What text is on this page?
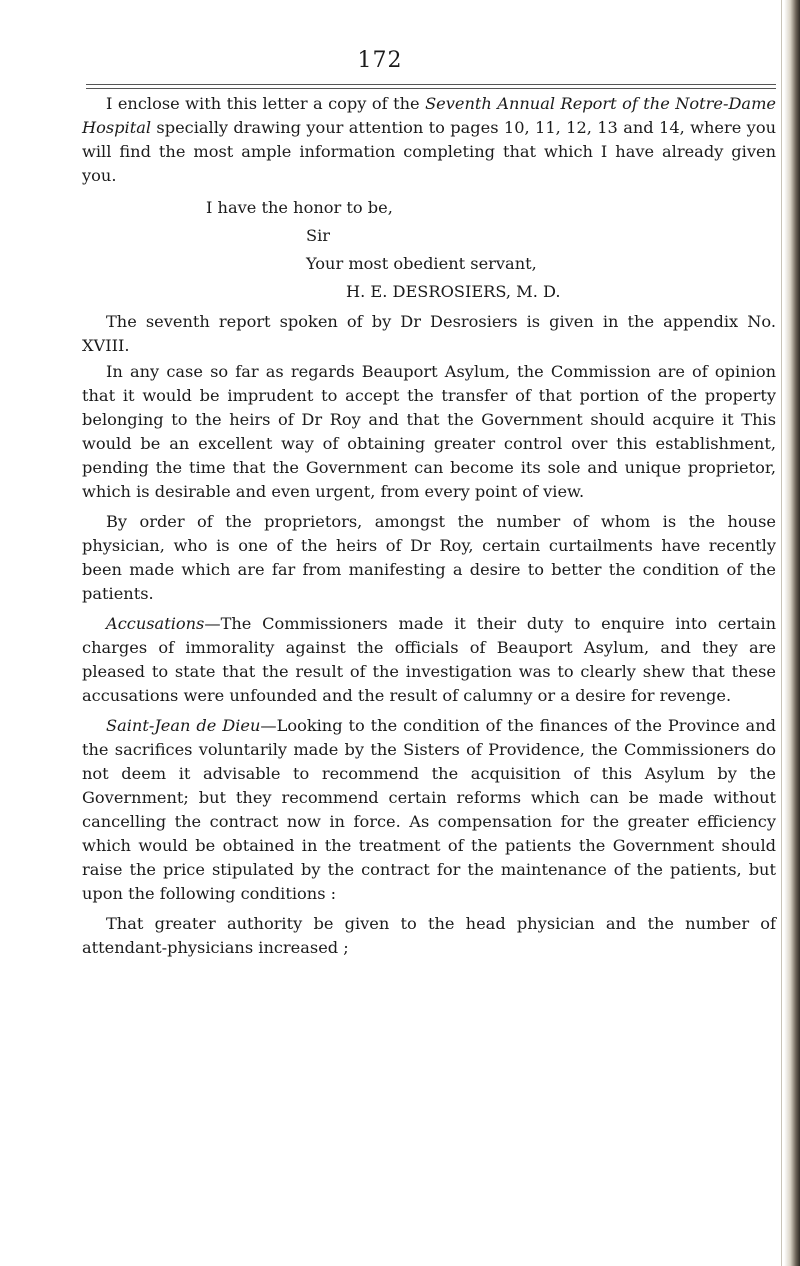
172

I enclose with this letter a copy of the Seventh Annual Report of the Notre-Dame Hospital specially drawing your attention to pages 10, 11, 12, 13 and 14, where you will find the most ample information completing that which I have already given you.

I have the honor to be,

Sir

Your most obedient servant,

H. E. DESROSIERS, M. D.

The seventh report spoken of by Dr Desrosiers is given in the appendix No. XVIII.

In any case so far as regards Beauport Asylum, the Commission are of opinion that it would be imprudent to accept the transfer of that portion of the property belonging to the heirs of Dr Roy and that the Government should acquire it This would be an excellent way of obtaining greater control over this establishment, pending the time that the Government can become its sole and unique proprietor, which is desirable and even urgent, from every point of view.

By order of the proprietors, amongst the number of whom is the house physician, who is one of the heirs of Dr Roy, certain curtailments have recently been made which are far from manifesting a desire to better the condition of the patients.

Accusations—The Commissioners made it their duty to enquire into certain charges of immorality against the officials of Beauport Asylum, and they are pleased to state that the result of the investigation was to clearly shew that these accusations were unfounded and the result of calumny or a desire for revenge.

Saint-Jean de Dieu—Looking to the condition of the finances of the Province and the sacrifices voluntarily made by the Sisters of Providence, the Commissioners do not deem it advisable to recommend the acquisition of this Asylum by the Government; but they recommend certain reforms which can be made without cancelling the contract now in force. As compensation for the greater efficiency which would be obtained in the treatment of the patients the Government should raise the price stipulated by the contract for the maintenance of the patients, but upon the following conditions :

That greater authority be given to the head physician and the number of attendant-physicians increased ;
